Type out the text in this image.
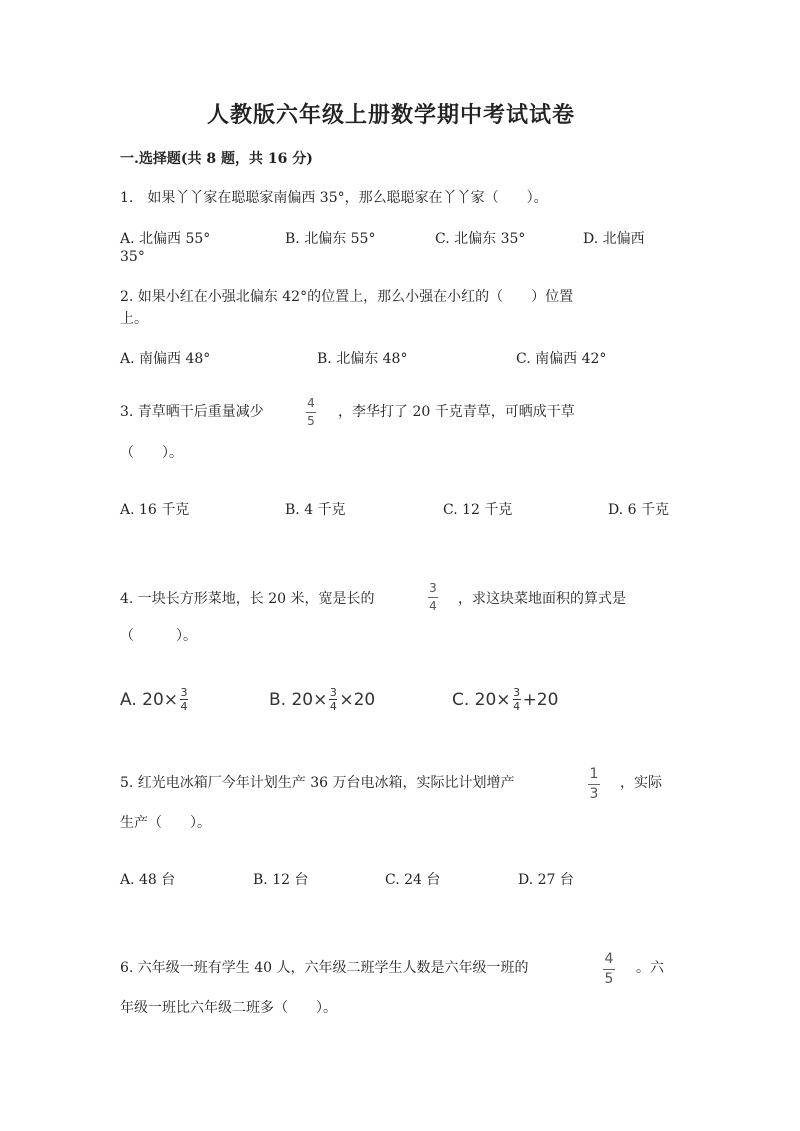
人教版六年级上册数学期中考试试卷
一.选择题(共 8 题，共 16 分)
1.　如果丫丫家在聪聪家南偏西 35°，那么聪聪家在丫丫家（　　）。
A. 北偏西 55°	B. 北偏东 55°	C. 北偏东 35°	D. 北偏西
35°
2. 如果小红在小强北偏东 42°的位置上，那么小强在小红的（　　）位置
上。
A. 南偏西 48°	B. 北偏东 48°	C. 南偏西 42°
3. 青草晒干后重量减少
4
5
，李华打了 20 千克青草，可晒成干草
（　　）。
A. 16 千克	B. 4 千克	C. 12 千克	D. 6 千克
4. 一块长方形菜地，长 20 米，宽是长的
3
4 ，求这块菜地面积的算式是
（　　　）。
A. 20× 3
4	B. 20× 3
4 ×20	C. 20× 3
4 +20
5. 红光电冰箱厂今年计划生产 36 万台电冰箱，实际比计划增产
1
3
，实际
生产（　　）。
A. 48 台	B. 12 台	C. 24 台	D. 27 台
6. 六年级一班有学生 40 人，六年级二班学生人数是六年级一班的
4
5
。六
年级一班比六年级二班多（　　）。
